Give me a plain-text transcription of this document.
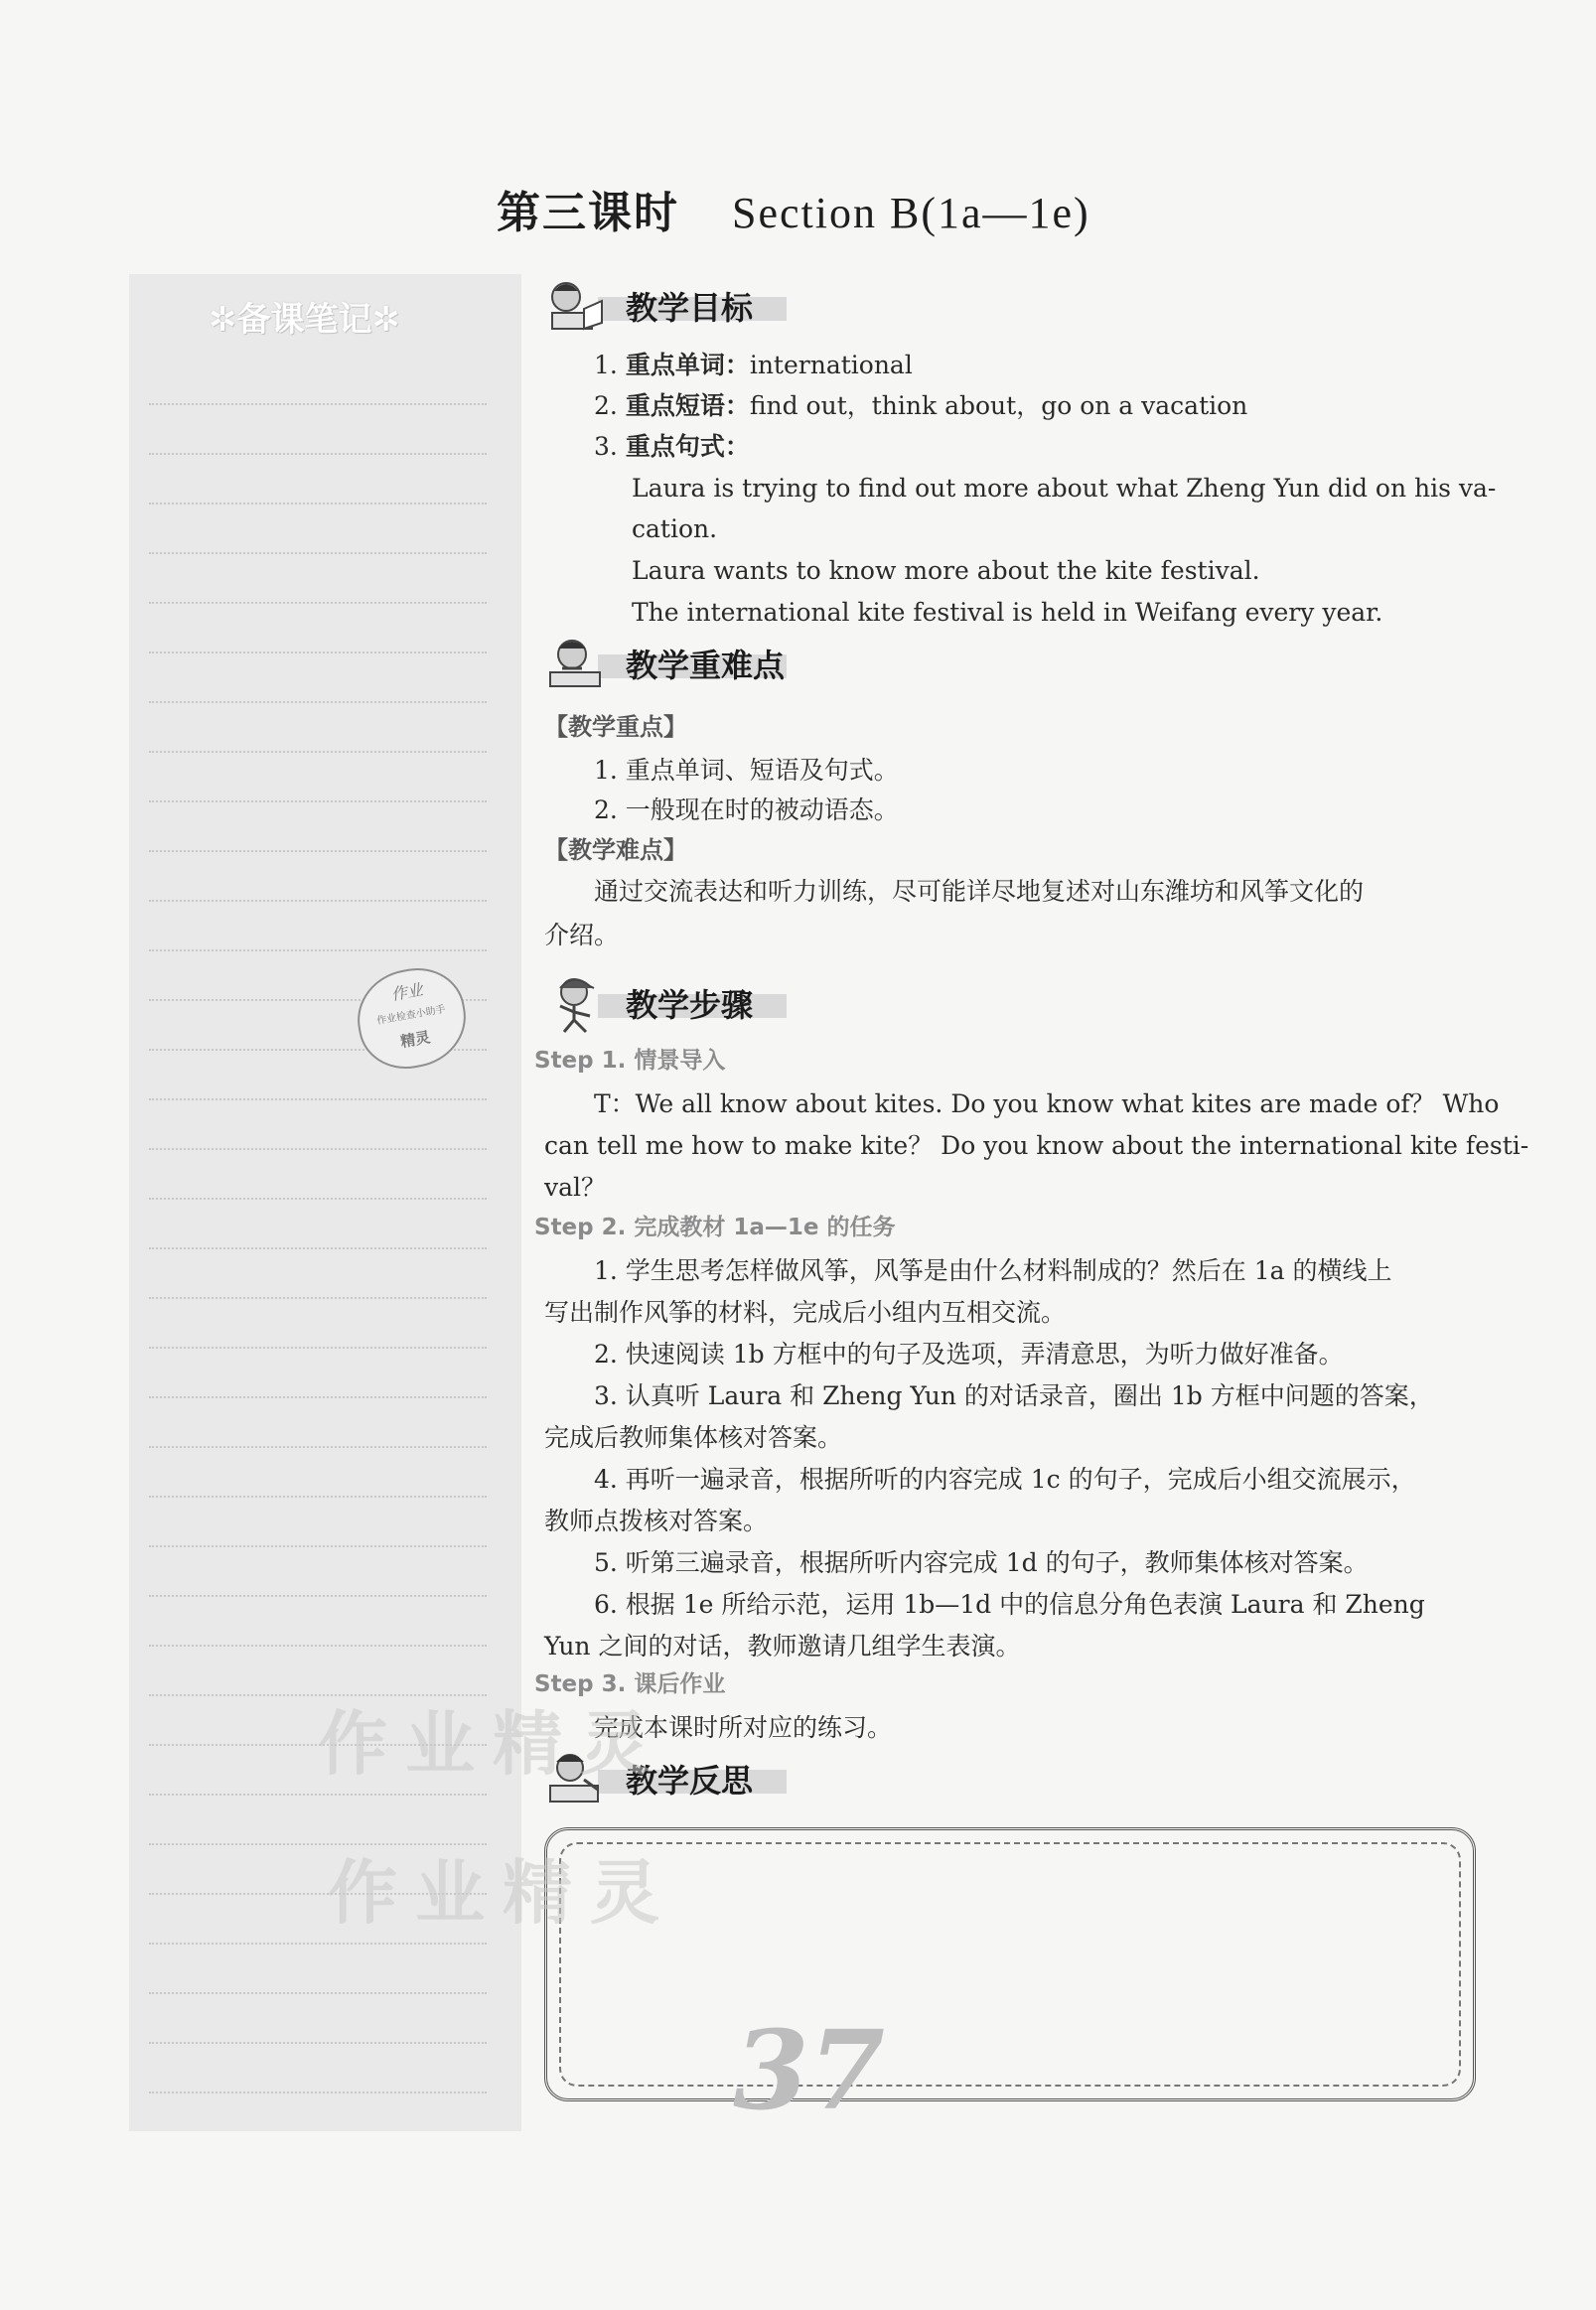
第三课时 Section B(1a—1e)
✲备课笔记✲
作业
作业检查小助手
精灵
教学目标
1. 重点单词：international
2. 重点短语：find out，think about，go on a vacation
3. 重点句式：
Laura is trying to find out more about what Zheng Yun did on his va-
cation.
Laura wants to know more about the kite festival.
The international kite festival is held in Weifang every year.
教学重难点
【教学重点】
1. 重点单词、短语及句式。
2. 一般现在时的被动语态。
【教学难点】
通过交流表达和听力训练，尽可能详尽地复述对山东潍坊和风筝文化的
介绍。
教学步骤
Step 1. 情景导入
T：We all know about kites. Do you know what kites are made of？ Who
can tell me how to make kite？ Do you know about the international kite festi-
val？
Step 2. 完成教材 1a—1e 的任务
1. 学生思考怎样做风筝，风筝是由什么材料制成的？然后在 1a 的横线上
写出制作风筝的材料，完成后小组内互相交流。
2. 快速阅读 1b 方框中的句子及选项，弄清意思，为听力做好准备。
3. 认真听 Laura 和 Zheng Yun 的对话录音，圈出 1b 方框中问题的答案，
完成后教师集体核对答案。
4. 再听一遍录音，根据所听的内容完成 1c 的句子，完成后小组交流展示，
教师点拨核对答案。
5. 听第三遍录音，根据所听内容完成 1d 的句子，教师集体核对答案。
6. 根据 1e 所给示范，运用 1b—1d 中的信息分角色表演 Laura 和 Zheng
Yun 之间的对话，教师邀请几组学生表演。
Step 3. 课后作业
完成本课时所对应的练习。
教学反思
作业精灵
作业精灵
37
